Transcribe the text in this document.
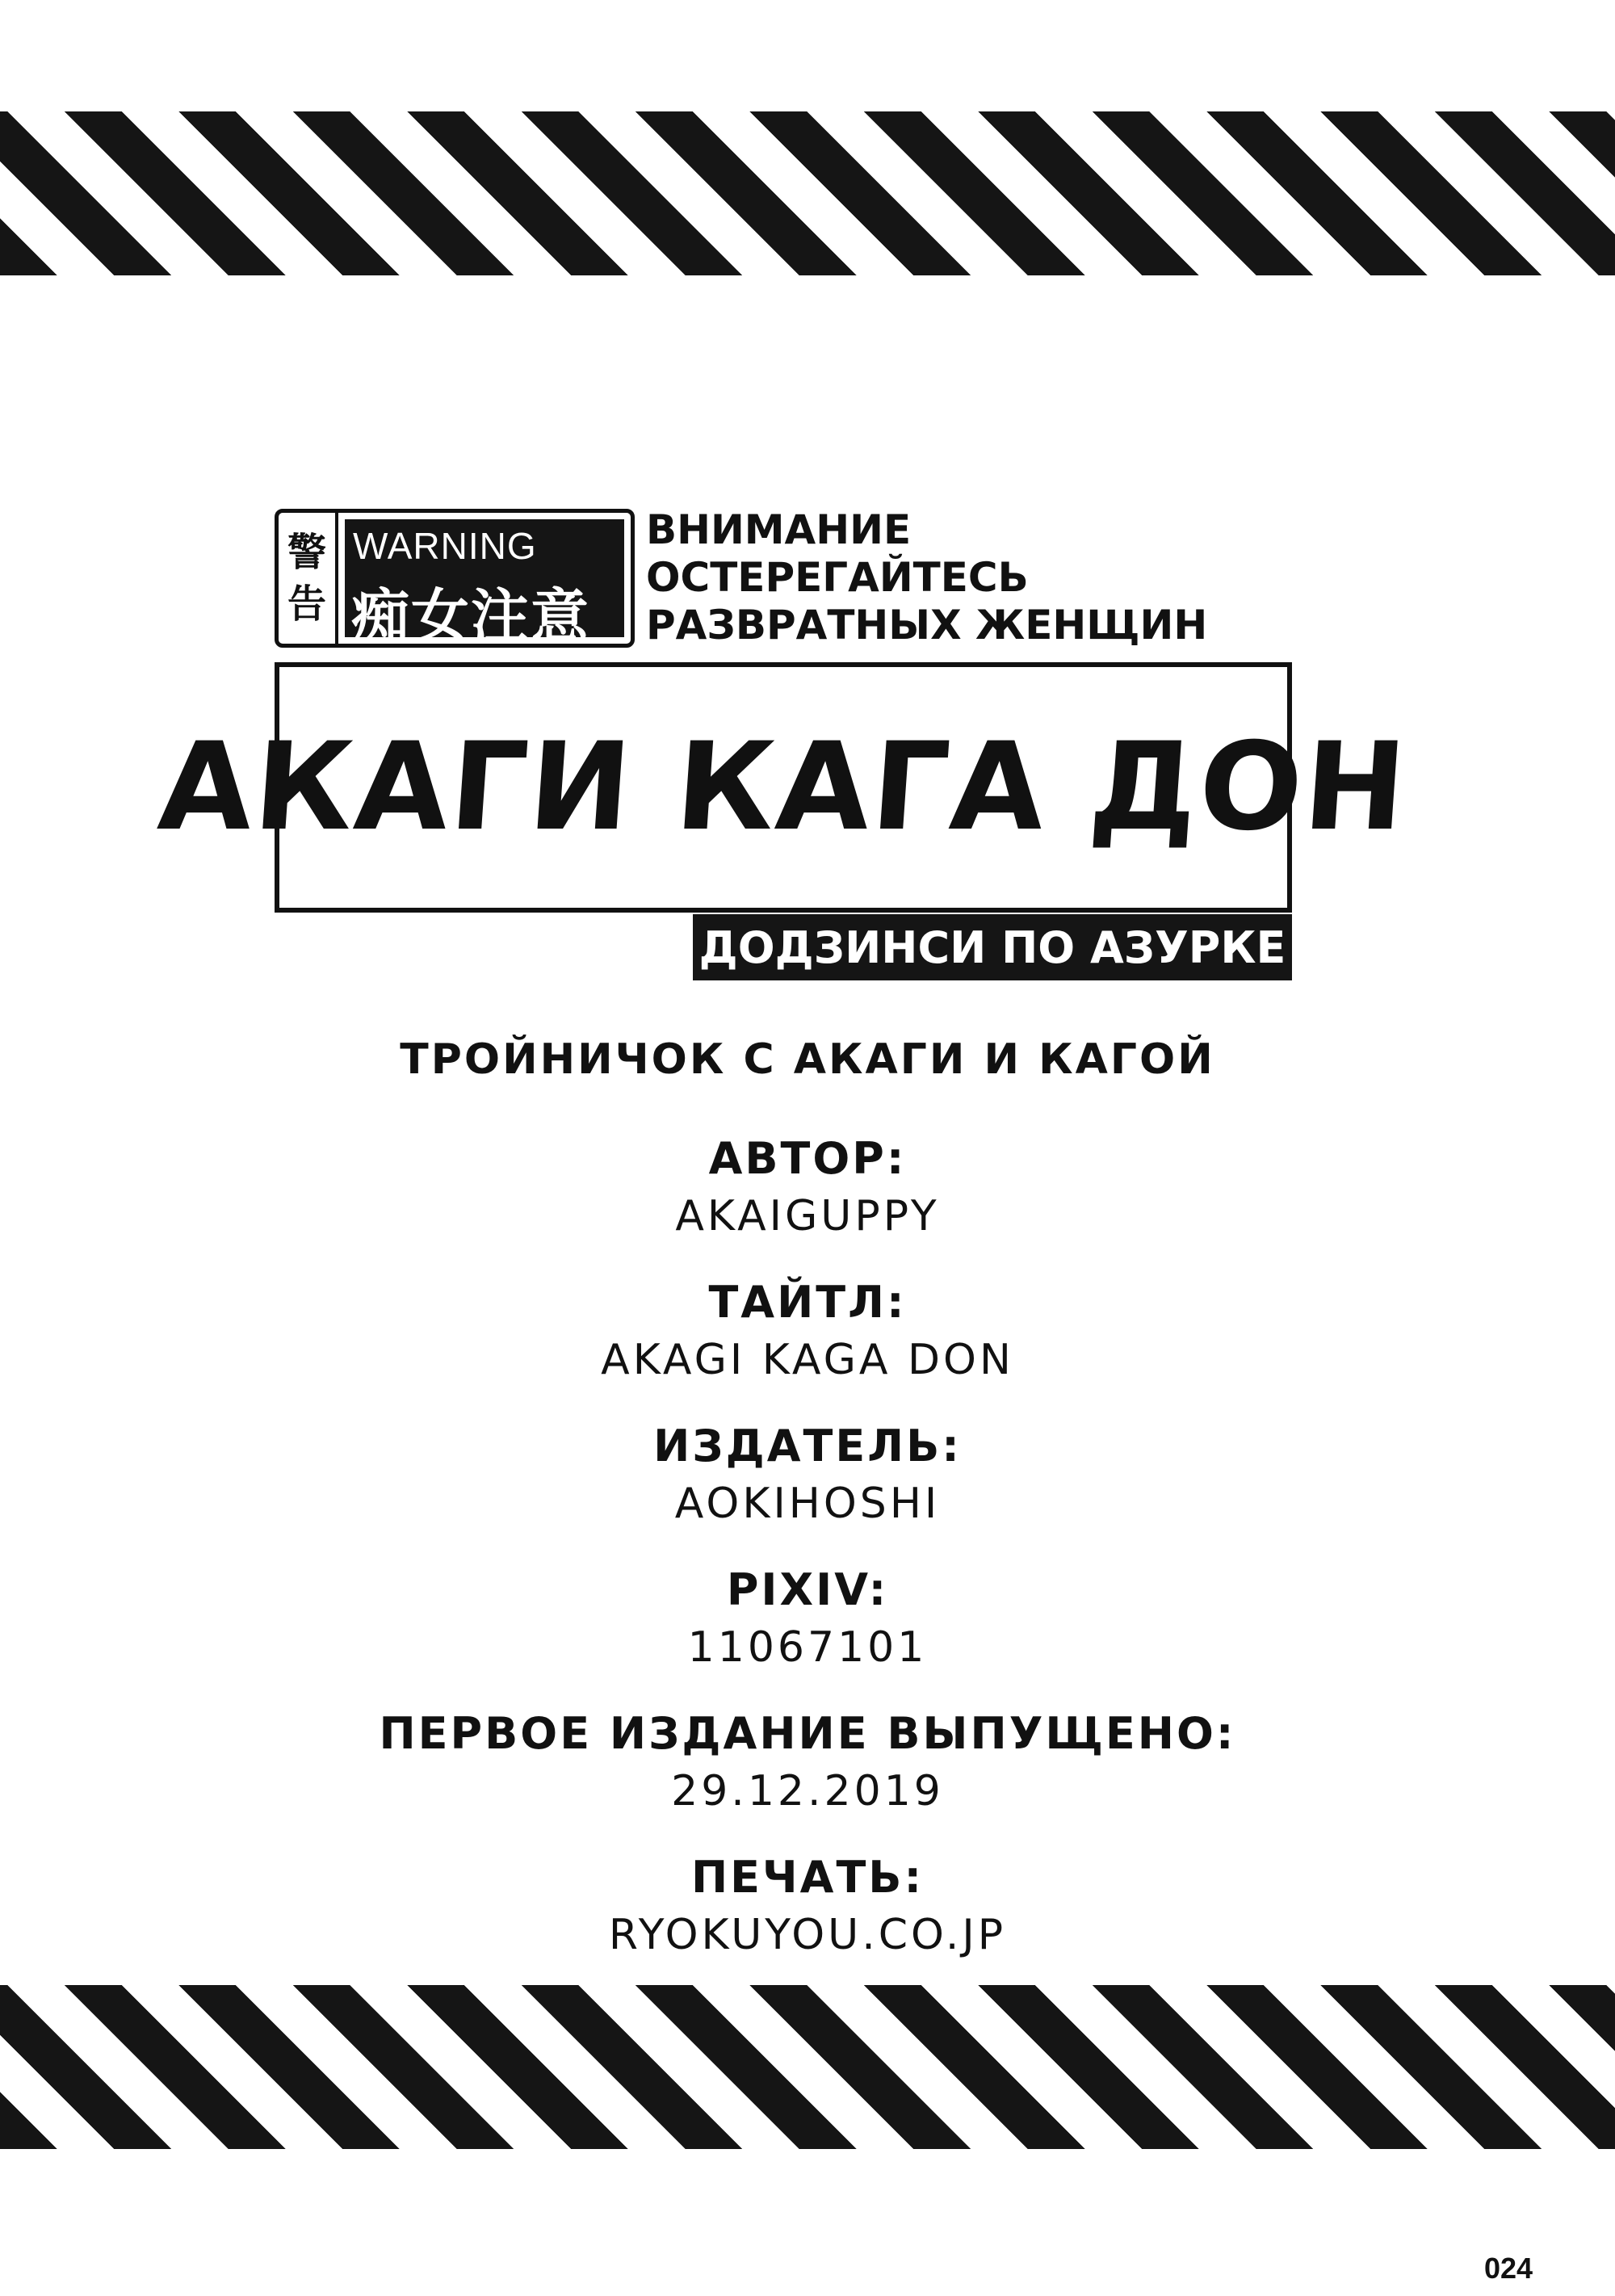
警
告
WARNING
痴女注意
ВНИМАНИЕ
ОСТЕРЕГАЙТЕСЬ
РАЗВРАТНЫХ ЖЕНЩИН
АКАГИ КАГА ДОН
ДОДЗИНСИ ПО АЗУРКЕ
ТРОЙНИЧОК С АКАГИ И КАГОЙ
АВТОР:
AKAIGUPPY
ТАЙТЛ:
AKAGI KAGA DON
ИЗДАТЕЛЬ:
AOKIHOSHI
PIXIV:
11067101
ПЕРВОЕ ИЗДАНИЕ ВЫПУЩЕНО:
29.12.2019
ПЕЧАТЬ:
RYOKUYOU.CO.JP
024
